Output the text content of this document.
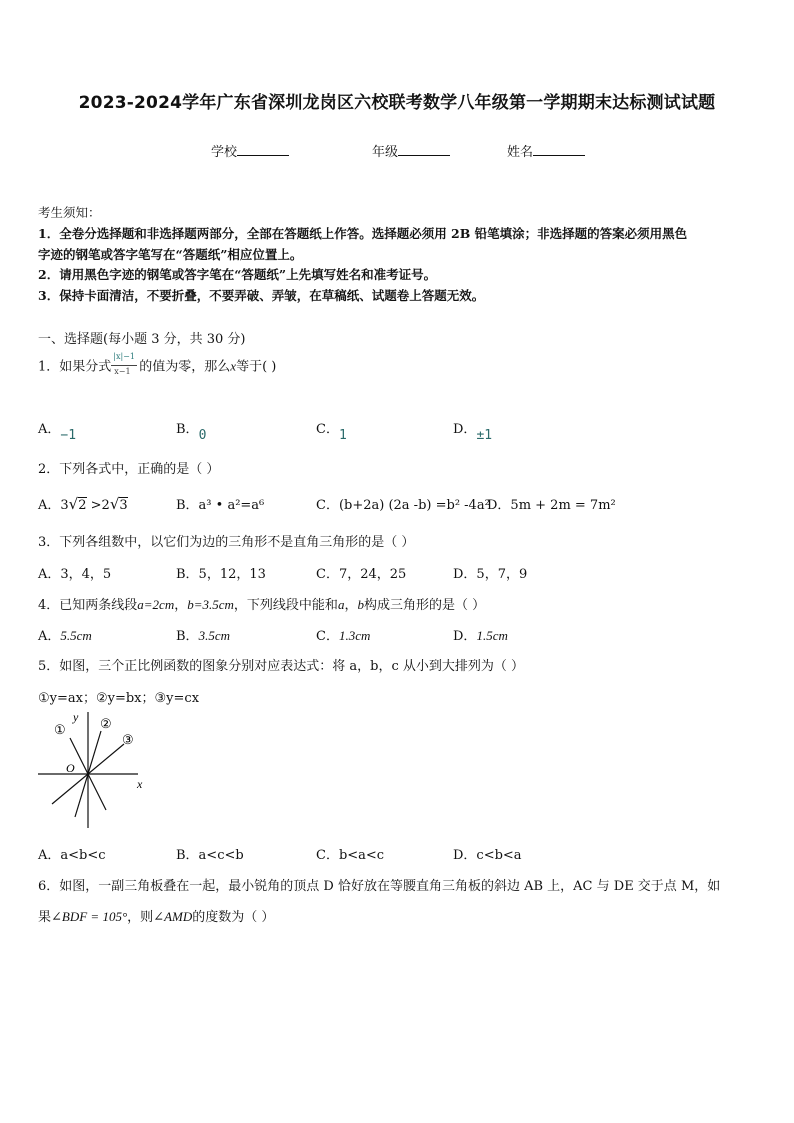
2023-2024学年广东省深圳龙岗区六校联考数学八年级第一学期期末达标测试试题
学校	年级	姓名
考生须知：
1．全卷分选择题和非选择题两部分，全部在答题纸上作答。选择题必须用 2B 铅笔填涂；非选择题的答案必须用黑色
字迹的钢笔或答字笔写在“答题纸”相应位置上。
2．请用黑色字迹的钢笔或答字笔在“答题纸”上先填写姓名和准考证号。
3．保持卡面清洁，不要折叠，不要弄破、弄皱，在草稿纸、试题卷上答题无效。
一、选择题(每小题 3 分，共 30 分)
1．如果分式 $\frac{|x|-1}{x-1}$ 的值为零，那么x等于( )
A．−1	B．0	C．1	D．±1
2．下列各式中，正确的是（ ）
A．3√2 >2√3	B．a³ • a²=a⁶	C．(b+2a) (2a -b) =b² -4a²
D．5m + 2m = 7m²
3．下列各组数中，以它们为边的三角形不是直角三角形的是（ ）
A．3，4，5	B．5，12，13	C．7，24，25	D．5，7，9
4．已知两条线段a=2cm，b=3.5cm，下列线段中能和a，b构成三角形的是（ ）
A．5.5cm	B．3.5cm	C．1.3cm	D．1.5cm
5．如图，三个正比例函数的图象分别对应表达式：将 a，b，c 从小到大排列为（ ）
①y=ax；②y=bx；③y=cx
y
x
O
①	②
③
A．a<b<c	B．a<c<b	C．b<a<c	D．c<b<a
6．如图，一副三角板叠在一起，最小锐角的顶点 D 恰好放在等腰直角三角板的斜边 AB 上，AC 与 DE 交于点 M，如
果∠BDF = 105°，则∠AMD的度数为（ ）
